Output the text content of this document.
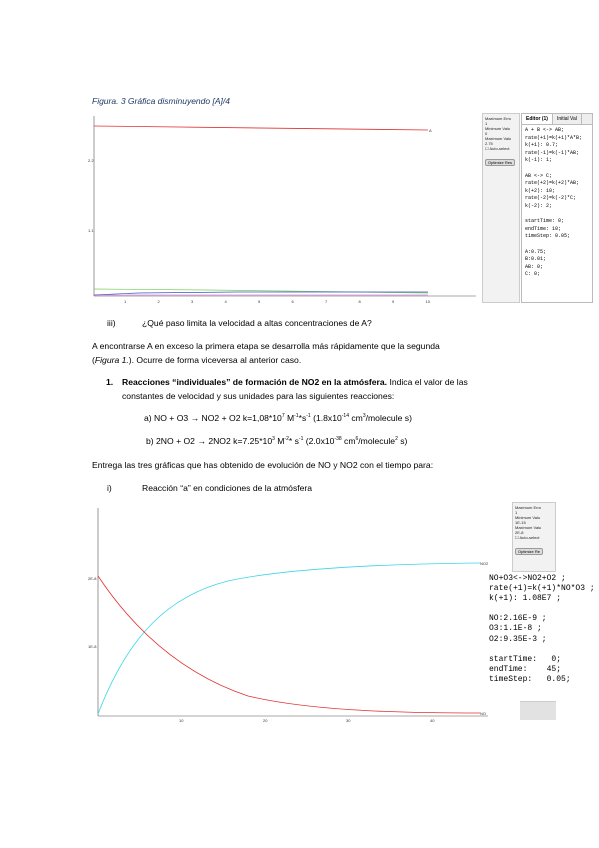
Figura. 3 Gráfica disminuyendo [A]/4
2.2
1.1
1	2	3	4	5	6	7	8	9	10
A
Maximum Erro
1
Minimum Valu
0
Maximum Valu
2.75
☐ Auto-select
Optimize Res
Editor (1)	Initial Val
A + B <-> AB;
rate(+1)=k(+1)*A*B;
k(+1): 0.7;
rate(-1)=k(-1)*AB;
k(-1): 1;

AB <-> C;
rate(+2)=k(+2)*AB;
k(+2): 10;
rate(-2)=k(-2)*C;
k(-2): 2;

startTime: 0;
endTime: 10;
timeStep: 0.05;

A:0.75;
B:0.01;
AB: 0;
C: 0;
iii)	¿Qué paso limita la velocidad a altas concentraciones de A?
A encontrarse A en exceso la primera etapa se desarrolla más rápidamente que la segunda
(Figura 1.). Ocurre de forma viceversa al anterior caso.
1. Reacciones “individuales” de formación de NO2 en la atmósfera. Indica el valor de las
constantes de velocidad y sus unidades para las siguientes reacciones:
a) NO + O3 → NO2 + O2 $k=1,08*10^7$ $M^{-1}*s^{-1}$ ($1.8x10^{-14}$ $cm^3$/molecule s)
b) 2NO + O2 → 2NO2 $k=7.25*10^3$ $M^{-2}*$ $s^{-1}$ ($2.0x10^{-38}$ $cm^6/molecule^2$ s)
Entrega las tres gráficas que has obtenido de evolución de NO y NO2 con el tiempo para:
i)	Reacción “a” en condiciones de la atmósfera
2E-8
1E-8
10	20	30	40
NO2
NO
Maximum Erro
1
Minimum Valu
1E-15
Maximum Valu
2E-8
☐ Auto-select
Optimize Re
NO+O3<->NO2+O2 ;
rate(+1)=k(+1)*NO*O3 ;
k(+1): 1.08E7 ;

NO:2.16E-9 ;
O3:1.1E-8 ;
O2:9.35E-3 ;

startTime:   0;
endTime:    45;
timeStep:   0.05;
